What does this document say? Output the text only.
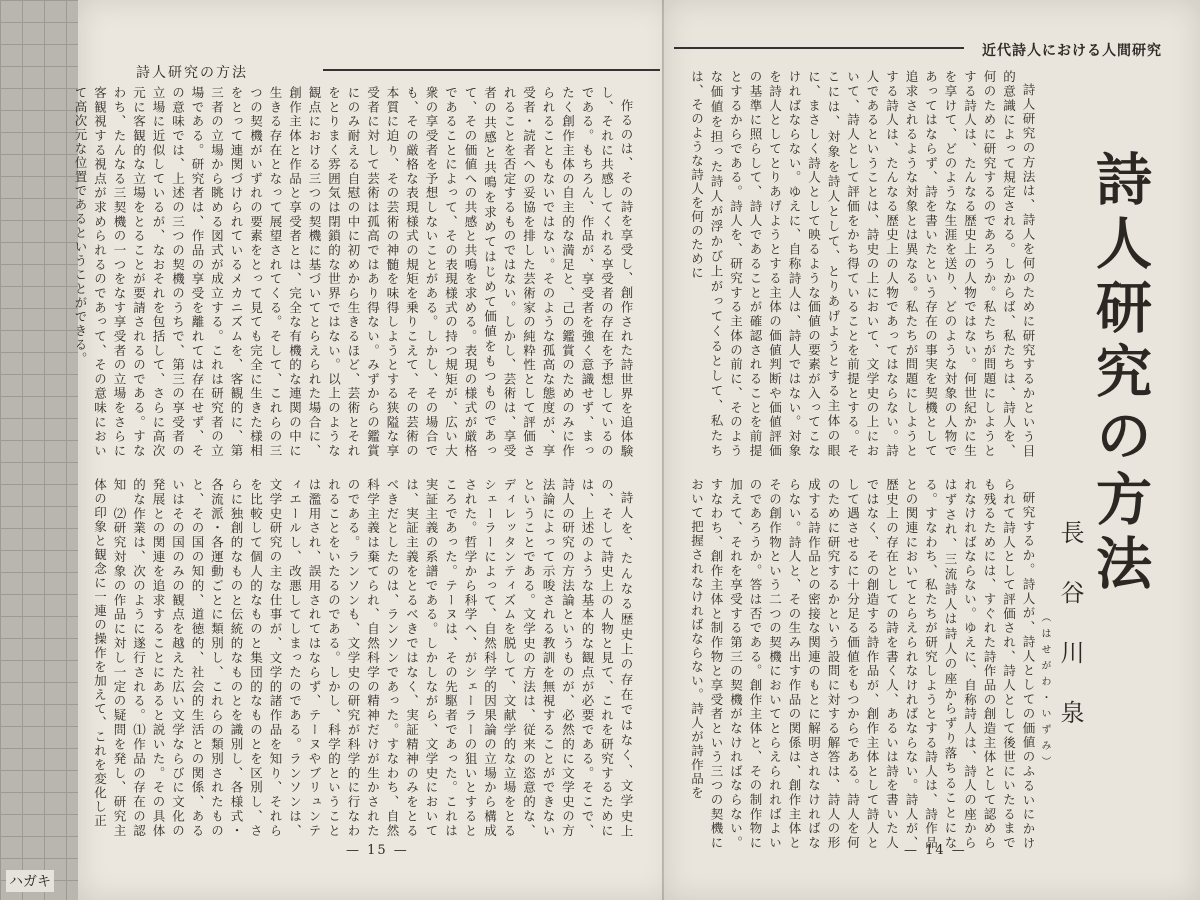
ハガキ
詩人研究の方法

作るのは、その詩を享受し、創作された詩世界を追体験し、それに共感してくれる享受者の存在を予想しているのである。もちろん、作品が、享受者を強く意識せず、まったく創作主体の自主的な満足と、己の鑑賞のためのみに作られることもないではない。そのような孤高な態度が、享受者・読者への妥協を排した芸術家の純粋性として評価されることを否定するものではない。しかし、芸術は、享受者の共感と共鳴を求めてはじめて価値をもつものであって、その価値への共感と共鳴を求める。表現の様式が厳格であることによって、その表現様式の持つ規矩が、広い大衆の享受者を予想しないことがある。しかし、その場合でも、その厳格な表現様式の規矩を乗りこえて、その芸術の本質に迫り、その芸術の神髄を味得しようとする狭隘な享受者に対して芸術は孤高ではあり得ない。みずからの鑑賞にのみ耐える自慰の中に初めから生きるほど、芸術とそれをとりまく雰囲気は閉鎖的な世界ではない。以上のような観点における三つの契機に基づいてとらえられた場合に、創作主体と作品と享受者とは、完全な有機的な連関の中に生きる存在となって展望されてくる。そして、これらの三つの契機がいずれの要素をとって見ても完全に生きた様相をとって連関づけられているメカニズムを、客観的に、第三者の立場から眺める図式が成立する。これは研究者の立場である。研究者は、作品の享受を離れては存在せず、その意味では、上述の三つの契機のうちで、第三の享受者の立場に近似しているが、なおそれを包括して、さらに高次元に客観的な立場をとることが要請されるのである。すなわち、たんなる三契機の一つをなす享受者の立場をさらに客観視する視点が求められるのであって、その意味において高次元な位置であるということができる。

詩人を、たんなる歴史上の存在ではなく、文学史上の、そして詩史上の人物と見て、これを研究するためには、上述のような基本的な観点が必要である。そこで、詩人の研究の方法論というものが、必然的に文学史の方法論によって示唆される教訓を無視することができないということである。文学史の方法は、従来の恣意的な、ディレッタンティズムを脱して、文献学的な立場をとるシェーラーによって、自然科学的因果論の立場から構成された。哲学から科学へ、がシェーラーの狙いとするところであった。テーヌは、その先駆者であった。これは実証主義の系譜である。しかしながら、文学史においては、実証主義をとるべきではなく、実証精神のみをとるべきだとしたのは、ランソンであった。すなわち、自然科学主義は棄てられ、自然科学の精神だけが生かされたのである。ランソンも、文学史の研究が科学的に行なわれることをいたるのである。しかし、科学的ということは濫用され、誤用されてはならず、テーヌやブリュンティエールし、改悪してしまったのである。ランソンは、文学史研究の主な仕事が、文学的諸作品を知り、それらを比較して個人的なものと集団的なものとを区別し、さらに独創的なものと伝統的なものとを識別し、各様式・各流派・各運動ごとに類別し、これらの類別されたものと、その国の知的、道徳的、社会的生活との関係、あるいはその国のみの観点を越えた広い文学ならびに文化の発展との関連を追求することにあると説いた。その具体的な作業は、次のように遂行される。⑴作品の存在の認知　⑵研究対象の作品に対し一定の疑問を発し、研究主体の印象と観念に一連の操作を加えて、これを変化し正

— 15 —
近代詩人における人間研究
詩人研究の方法
長谷川泉
（はせがわ・いずみ）

詩人研究の方法は、詩人を何のために研究するかという目的意識によって規定される。しからば、私たちは、詩人を、何のために研究するのであろうか。私たちが問題にしようとする詩人は、たんなる歴史上の人物ではない。何世紀かに生を享けて、どのような生涯を送り、どのような対象の人物であってはならず、詩を書いたという存在の事実を契機として追求されるような対象とは異なる。私たちが問題にしようとする詩人は、たんなる歴史上の人物であってはならない。詩人であるということは、詩史の上において、文学史の上において、詩人として評価をかち得ていることを前提とする。そこには、対象を詩人として、とりあげようとする主体の眼に、まさしく詩人として映るような価値の要素が入ってこなければならない。ゆえに、自称詩人は、詩人ではない。対象を詩人としてとりあげようとする主体の価値判断や価値評価の基準に照らして、詩人であることが確認されることを前提とするからである。詩人を、研究する主体の前に、そのような価値を担った詩人が浮かび上がってくるとして、私たちは、そのような詩人を何のために

研究するか。詩人が、詩人としての価値のふるいにかけられて詩人として評価され、詩人として後世にいたるまでも残るためには、すぐれた詩作品の創造主体として認められなければならない。ゆえに、自称詩人は、詩人の座からはずされ、三流詩人は詩人の座からずり落ちることになる。すなわち、私たちが研究しようとする詩人は、詩作品との関連においてとらえられなければならない。詩人が、歴史上の存在としての詩を書く人、あるいは詩を書いた人ではなく、その創造する詩作品が、創作主体として詩人として遇させるに十分足る価値をもつからである。詩人を何のために研究するかという設問に対する解答は、詩人の形成する詩作品との密接な関連のもとに解明されなければならない。詩人と、その生み出す作品の関係は、創作主体とその創作物という二つの契機においてとらえられればよいのであろうか。答は否である。創作主体と、その制作物に加えて、それを享受する第三の契機がなければならない。すなわち、創作主体と制作物と享受者という三つの契機において把握されなければならない。詩人が詩作品を

— 14 —
